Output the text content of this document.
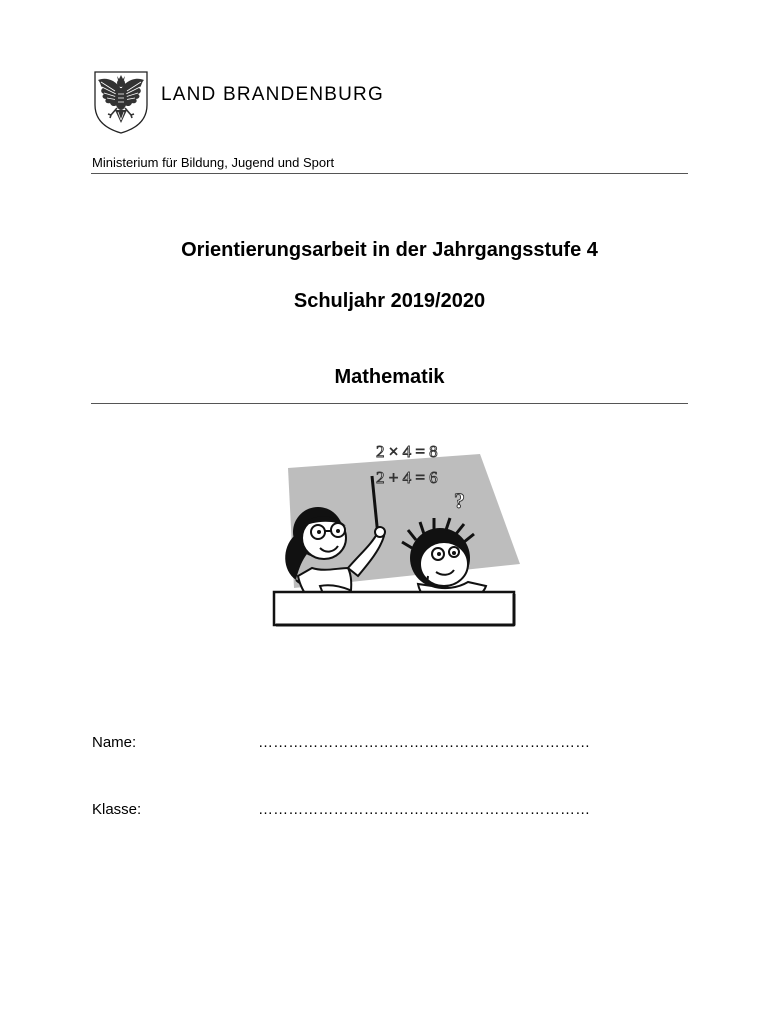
LAND BRANDENBURG
Ministerium für Bildung, Jugend und Sport
Orientierungsarbeit in der Jahrgangsstufe 4
Schuljahr 2019/2020
Mathematik
2 × 4 = 8
2 + 4 = 6
?
Name:	…………………………………………………………
Klasse:	…………………………………………………………
